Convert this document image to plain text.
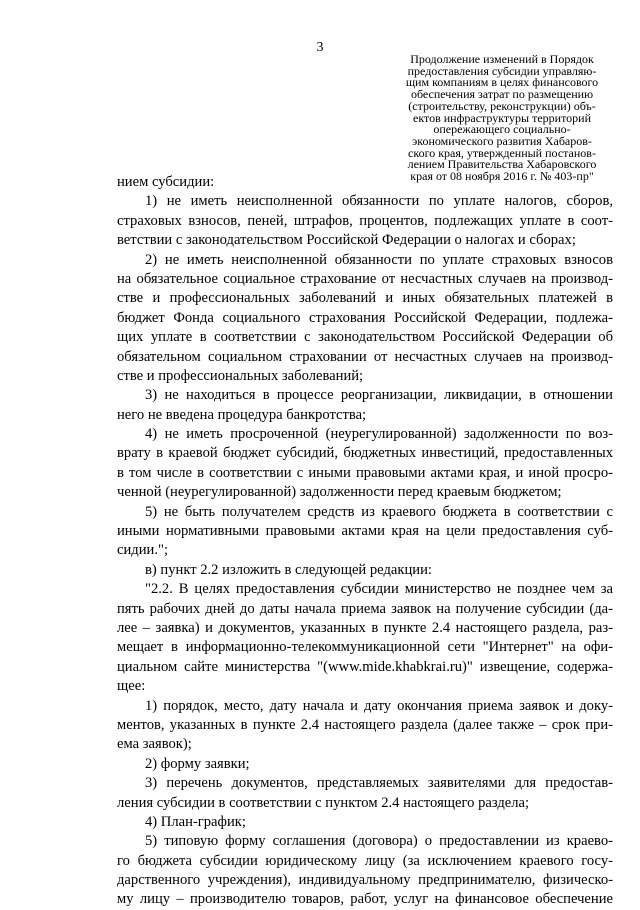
3
Продолжение изменений в Порядок
предоставления субсидии управляю-
щим компаниям в целях финансового
обеспечения затрат по размещению
(строительству, реконструкции) объ-
ектов инфраструктуры территорий
опережающего социально-
экономического развития Хабаров-
ского края, утвержденный постанов-
лением Правительства Хабаровского
края от 08 ноября 2016 г. № 403-пр"
нием субсидии:
1) не иметь неисполненной обязанности по уплате налогов, сборов,
страховых взносов, пеней, штрафов, процентов, подлежащих уплате в соот-
ветствии с законодательством Российской Федерации о налогах и сборах;
2) не иметь неисполненной обязанности по уплате страховых взносов
на обязательное социальное страхование от несчастных случаев на производ-
стве и профессиональных заболеваний и иных обязательных платежей в
бюджет Фонда социального страхования Российской Федерации, подлежа-
щих уплате в соответствии с законодательством Российской Федерации об
обязательном социальном страховании от несчастных случаев на производ-
стве и профессиональных заболеваний;
3) не находиться в процессе реорганизации, ликвидации, в отношении
него не введена процедура банкротства;
4) не иметь просроченной (неурегулированной) задолженности по воз-
врату в краевой бюджет субсидий, бюджетных инвестиций, предоставленных
в том числе в соответствии с иными правовыми актами края, и иной просро-
ченной (неурегулированной) задолженности перед краевым бюджетом;
5) не быть получателем средств из краевого бюджета в соответствии с
иными нормативными правовыми актами края на цели предоставления суб-
сидии.";
в) пункт 2.2 изложить в следующей редакции:
"2.2. В целях предоставления субсидии министерство не позднее чем за
пять рабочих дней до даты начала приема заявок на получение субсидии (да-
лее – заявка) и документов, указанных в пункте 2.4 настоящего раздела, раз-
мещает в информационно-телекоммуникационной сети "Интернет" на офи-
циальном сайте министерства "(www.mide.khabkrai.ru)" извещение, содержа-
щее:
1) порядок, место, дату начала и дату окончания приема заявок и доку-
ментов, указанных в пункте 2.4 настоящего раздела (далее также – срок при-
ема заявок);
2) форму заявки;
3) перечень документов, представляемых заявителями для предостав-
ления субсидии в соответствии с пунктом 2.4 настоящего раздела;
4) План-график;
5) типовую форму соглашения (договора) о предоставлении из краево-
го бюджета субсидии юридическому лицу (за исключением краевого госу-
дарственного учреждения), индивидуальному предпринимателю, физическо-
му лицу – производителю товаров, работ, услуг на финансовое обеспечение
